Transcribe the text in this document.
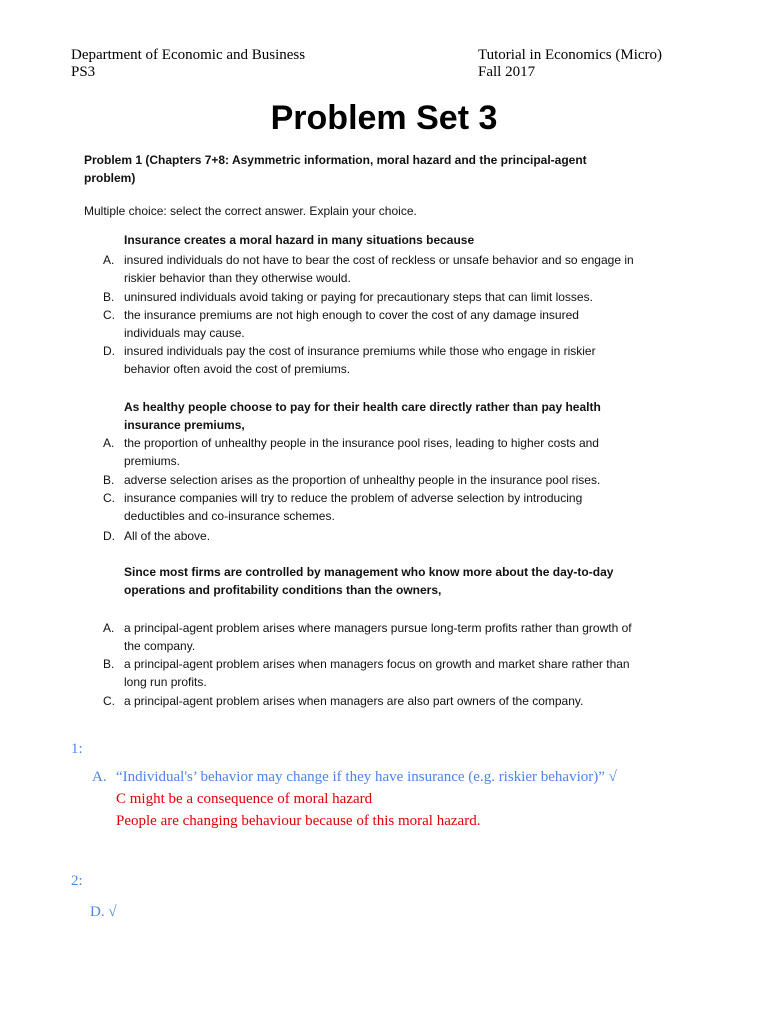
Department of Economic and Business
PS3
Tutorial in Economics (Micro)
Fall 2017
Problem Set 3
Problem 1 (Chapters 7+8: Asymmetric information, moral hazard and the principal-agent problem)
Multiple choice: select the correct answer. Explain your choice.
Insurance creates a moral hazard in many situations because
A. insured individuals do not have to bear the cost of reckless or unsafe behavior and so engage in riskier behavior than they otherwise would.
B. uninsured individuals avoid taking or paying for precautionary steps that can limit losses.
C. the insurance premiums are not high enough to cover the cost of any damage insured individuals may cause.
D. insured individuals pay the cost of insurance premiums while those who engage in riskier behavior often avoid the cost of premiums.
As healthy people choose to pay for their health care directly rather than pay health insurance premiums,
A. the proportion of unhealthy people in the insurance pool rises, leading to higher costs and premiums.
B. adverse selection arises as the proportion of unhealthy people in the insurance pool rises.
C. insurance companies will try to reduce the problem of adverse selection by introducing deductibles and co-insurance schemes.
D. All of the above.
Since most firms are controlled by management who know more about the day-to-day operations and profitability conditions than the owners,
A. a principal-agent problem arises where managers pursue long-term profits rather than growth of the company.
B. a principal-agent problem arises when managers focus on growth and market share rather than long run profits.
C. a principal-agent problem arises when managers are also part owners of the company.
1:
A. “Individual's’ behavior may change if they have insurance (e.g. riskier behavior)” √
C might be a consequence of moral hazard
People are changing behaviour because of this moral hazard.
2:
D. √
